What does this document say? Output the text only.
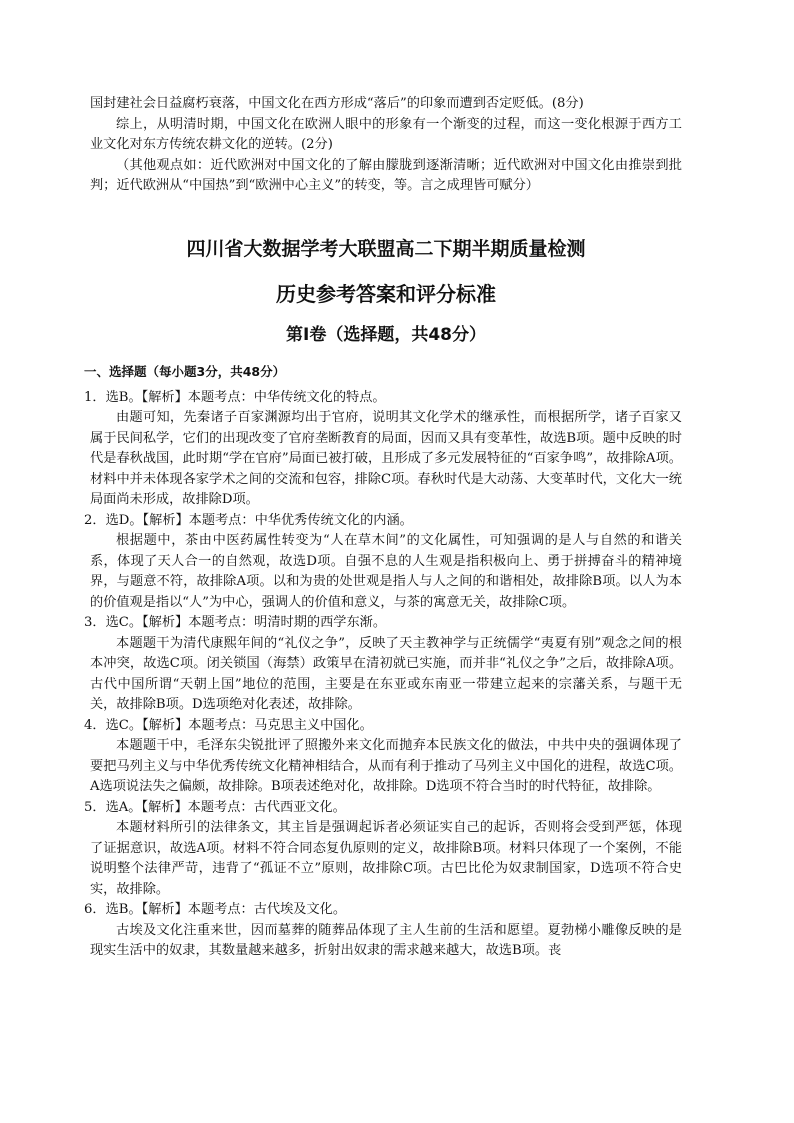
国封建社会日益腐朽衰落，中国文化在西方形成“落后”的印象而遭到否定贬低。(8分)

综上，从明清时期，中国文化在欧洲人眼中的形象有一个渐变的过程，而这一变化根源于西方工业文化对东方传统农耕文化的逆转。(2分)

（其他观点如：近代欧洲对中国文化的了解由朦胧到逐渐清晰；近代欧洲对中国文化由推崇到批判；近代欧洲从“中国热”到“欧洲中心主义”的转变，等。言之成理皆可赋分）

四川省大数据学考大联盟高二下期半期质量检测
历史参考答案和评分标准
第Ⅰ卷（选择题，共48分）
一、选择题（每小题3分，共48分）

1．选B。【解析】本题考点：中华传统文化的特点。

由题可知，先秦诸子百家渊源均出于官府，说明其文化学术的继承性，而根据所学，诸子百家又属于民间私学，它们的出现改变了官府垄断教育的局面，因而又具有变革性，故选B项。题中反映的时代是春秋战国，此时期“学在官府”局面已被打破，且形成了多元发展特征的“百家争鸣”，故排除A项。材料中并未体现各家学术之间的交流和包容，排除C项。春秋时代是大动荡、大变革时代，文化大一统局面尚未形成，故排除D项。

2．选D。【解析】本题考点：中华优秀传统文化的内涵。

根据题中，茶由中医药属性转变为“人在草木间”的文化属性，可知强调的是人与自然的和谐关系，体现了天人合一的自然观，故选D项。自强不息的人生观是指积极向上、勇于拼搏奋斗的精神境界，与题意不符，故排除A项。以和为贵的处世观是指人与人之间的和谐相处，故排除B项。以人为本的价值观是指以“人”为中心，强调人的价值和意义，与茶的寓意无关，故排除C项。

3．选C。【解析】本题考点：明清时期的西学东渐。

本题题干为清代康熙年间的“礼仪之争”，反映了天主教神学与正统儒学“夷夏有别”观念之间的根本冲突，故选C项。闭关锁国（海禁）政策早在清初就已实施，而并非“礼仪之争”之后，故排除A项。古代中国所谓“天朝上国”地位的范围，主要是在东亚或东南亚一带建立起来的宗藩关系，与题干无关，故排除B项。D选项绝对化表述，故排除。

4．选C。【解析】本题考点：马克思主义中国化。

本题题干中，毛泽东尖锐批评了照搬外来文化而抛弃本民族文化的做法，中共中央的强调体现了要把马列主义与中华优秀传统文化精神相结合，从而有利于推动了马列主义中国化的进程，故选C项。A选项说法失之偏颇，故排除。B项表述绝对化，故排除。D选项不符合当时的时代特征，故排除。

5．选A。【解析】本题考点：古代西亚文化。

本题材料所引的法律条文，其主旨是强调起诉者必须证实自己的起诉，否则将会受到严惩，体现了证据意识，故选A项。材料不符合同态复仇原则的定义，故排除B项。材料只体现了一个案例，不能说明整个法律严苛，违背了“孤证不立”原则，故排除C项。古巴比伦为奴隶制国家，D选项不符合史实，故排除。

6．选B。【解析】本题考点：古代埃及文化。

古埃及文化注重来世，因而墓葬的随葬品体现了主人生前的生活和愿望。夏勃梯小雕像反映的是现实生活中的奴隶，其数量越来越多，折射出奴隶的需求越来越大，故选B项。丧
